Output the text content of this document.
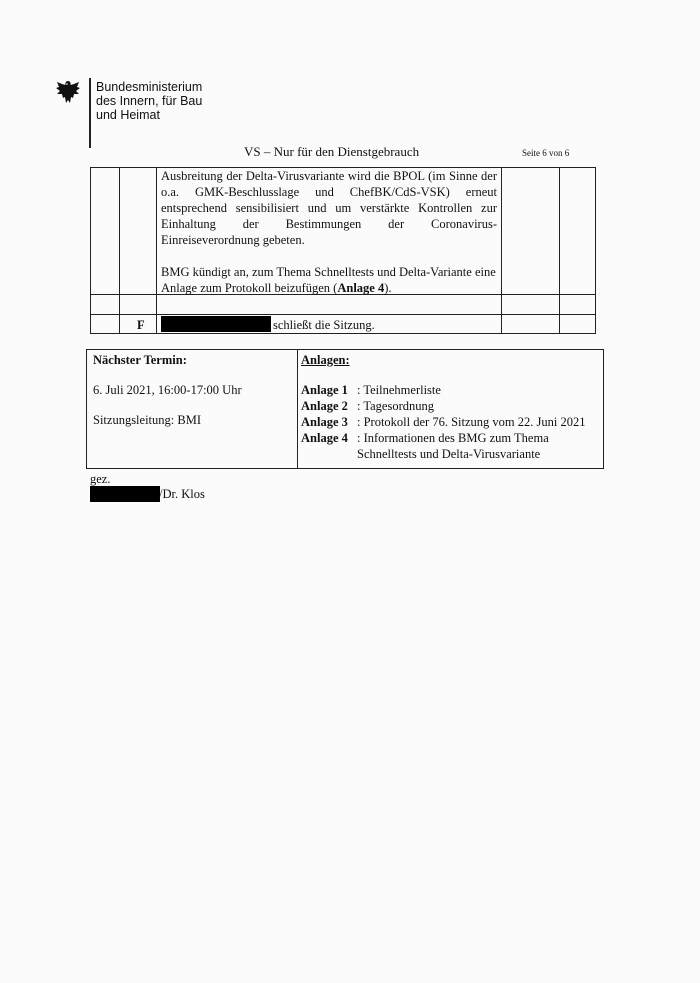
Bundesministerium
des Innern, für Bau
und Heimat
VS – Nur für den Dienstgebrauch	Seite 6 von 6

Ausbreitung der Delta-Virusvariante wird die BPOL (im Sinne der o.a. GMK-Beschlusslage und ChefBK/CdS-VSK) erneut entsprechend sensibilisiert und um verstärkte Kontrollen zur Einhaltung der Bestimmungen der Coronavirus-Einreiseverordnung gebeten.

BMG kündigt an, zum Thema Schnelltests und Delta-Variante eine Anlage zum Protokoll beizufügen (Anlage 4).

F	schließt die Sitzung.
Nächster Termin:
6. Juli 2021, 16:00-17:00 Uhr
Sitzungsleitung: BMI
Anlagen:
Anlage 1 : Teilnehmerliste
Anlage 2 : Tagesordnung
Anlage 3 : Protokoll der 76. Sitzung vom 22. Juni 2021
Anlage 4 : Informationen des BMG zum Thema
Schnelltests und Delta-Virusvariante
gez.
/Dr. Klos
